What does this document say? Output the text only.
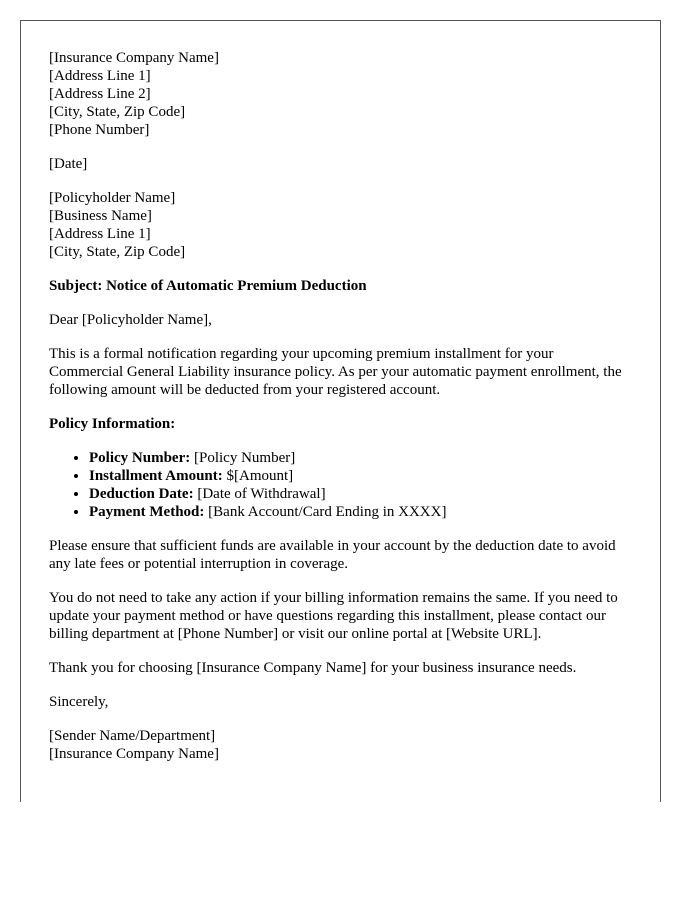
[Insurance Company Name]
[Address Line 1]
[Address Line 2]
[City, State, Zip Code]
[Phone Number]

[Date]

[Policyholder Name]
[Business Name]
[Address Line 1]
[City, State, Zip Code]

Subject: Notice of Automatic Premium Deduction

Dear [Policyholder Name],

This is a formal notification regarding your upcoming premium installment for your Commercial General Liability insurance policy. As per your automatic payment enrollment, the following amount will be deducted from your registered account.

Policy Information:

• Policy Number: [Policy Number]
• Installment Amount: $[Amount]
• Deduction Date: [Date of Withdrawal]
• Payment Method: [Bank Account/Card Ending in XXXX]

Please ensure that sufficient funds are available in your account by the deduction date to avoid any late fees or potential interruption in coverage.

You do not need to take any action if your billing information remains the same. If you need to update your payment method or have questions regarding this installment, please contact our billing department at [Phone Number] or visit our online portal at [Website URL].

Thank you for choosing [Insurance Company Name] for your business insurance needs.

Sincerely,

[Sender Name/Department]
[Insurance Company Name]
